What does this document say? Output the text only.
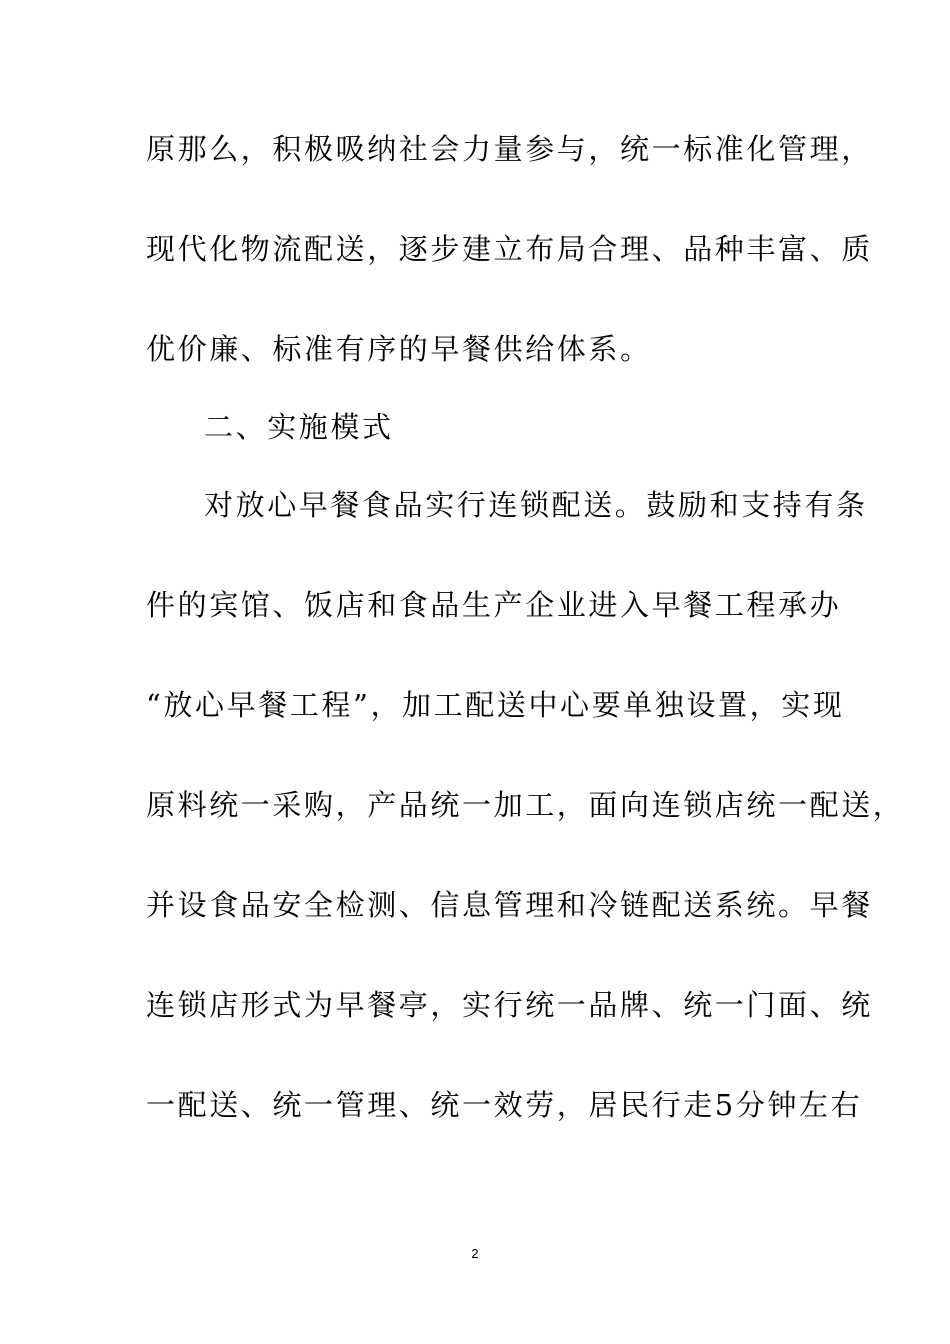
原那么，积极吸纳社会力量参与，统一标准化管理，
现代化物流配送，逐步建立布局合理、品种丰富、质
优价廉、标准有序的早餐供给体系。
二、实施模式
对放心早餐食品实行连锁配送。鼓励和支持有条
件的宾馆、饭店和食品生产企业进入早餐工程承办
“放心早餐工程”，加工配送中心要单独设置，实现
原料统一采购，产品统一加工，面向连锁店统一配送，
并设食品安全检测、信息管理和冷链配送系统。早餐
连锁店形式为早餐亭，实行统一品牌、统一门面、统
一配送、统一管理、统一效劳，居民行走5分钟左右
2
